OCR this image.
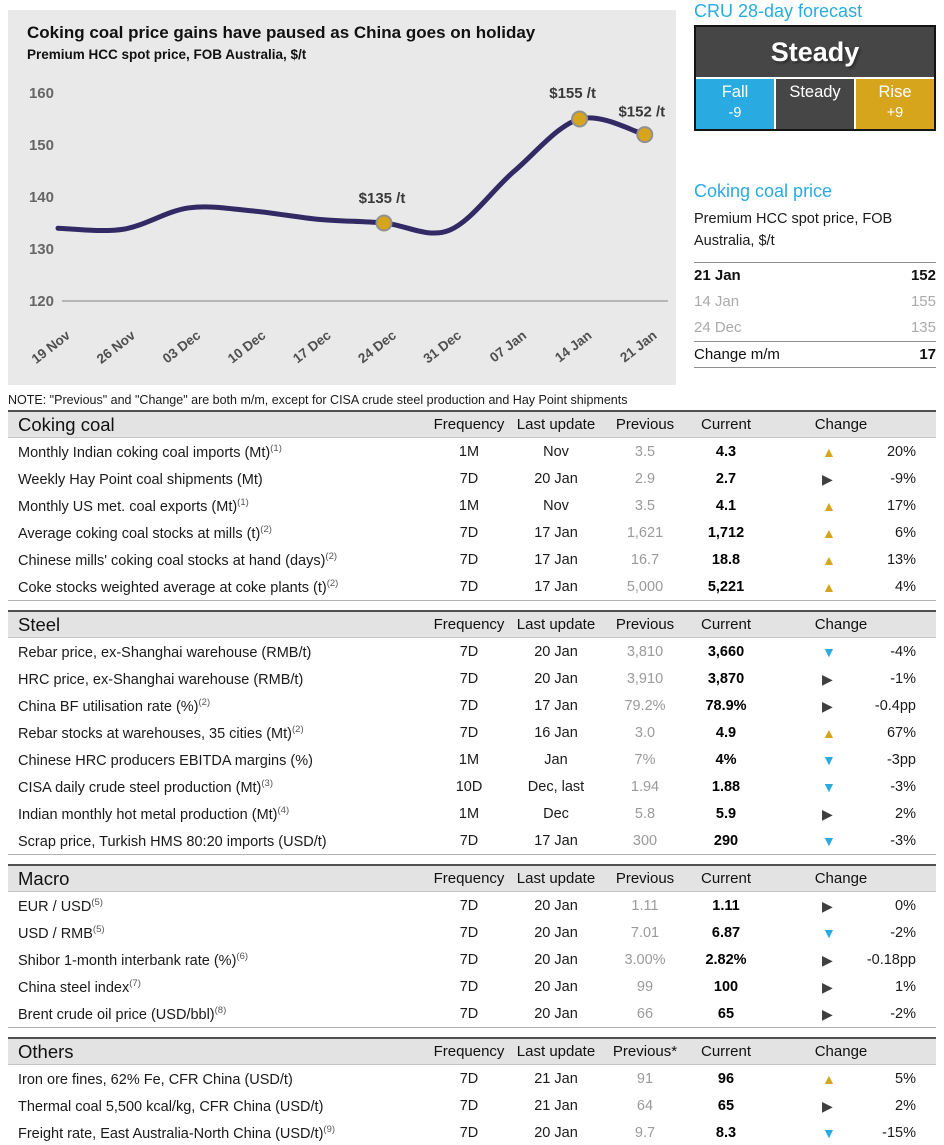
120
130
140
150
160
19 Nov 26 Nov 03 Dec 10 Dec 17 Dec 24 Dec 31 Dec 07 Jan 14 Jan 21 Jan
$135 /t
$155 /t
$152 /t
Coking coal price gains have paused as China goes on holiday
Premium HCC spot price, FOB Australia, $/t
CRU 28-day forecast
Steady
Fall
-9
Steady Rise
+9
Coking coal price
Premium HCC spot price, FOB Australia, $/t
21 Jan	152
14 Jan	155
24 Dec	135
Change m/m	17
NOTE: "Previous" and "Change" are both m/m, except for CISA crude steel production and Hay Point shipments
Coking coal	Frequency Last update	Previous	Current	Change
Monthly Indian coking coal imports $(Mt)^{(1)}$	1M	Nov	3.5	4.3	▲	20%
Weekly Hay Point coal shipments (Mt)	7D	20 Jan	2.9	2.7	▶	-9%
Monthly US met. coal exports $(Mt)^{(1)}$	1M	Nov	3.5	4.1	▲	17%
Average coking coal stocks at mills $(t)^{(2)}$	7D	17 Jan	1,621	1,712	▲	6%
Chinese mills' coking coal stocks at hand (days)$^{(2)}$	7D	17 Jan	16.7	18.8	▲	13%
Coke stocks weighted average at coke plants $(t)^{(2)}$	7D	17 Jan	5,000	5,221	▲	4%
Steel	Frequency Last update	Previous	Current	Change
Rebar price, ex-Shanghai warehouse (RMB/t)	7D	20 Jan	3,810	3,660	▼	-4%
HRC price, ex-Shanghai warehouse (RMB/t)	7D	20 Jan	3,910	3,870	▶	-1%
China BF utilisation rate (%)$^{(2)}$	7D	17 Jan	79.2%	78.9%	▶	-0.4pp
Rebar stocks at warehouses, 35 cities $(Mt)^{(2)}$	7D	16 Jan	3.0	4.9	▲	67%
Chinese HRC producers EBITDA margins (%)	1M	Jan	7%	4%	▼	-3pp
CISA daily crude steel production $(Mt)^{(3)}$	10D	Dec, last	1.94	1.88	▼	-3%
Indian monthly hot metal production $(Mt)^{(4)}$	1M	Dec	5.8	5.9	▶	2%
Scrap price, Turkish HMS 80:20 imports (USD/t)	7D	17 Jan	300	290	▼	-3%
Macro	Frequency Last update	Previous	Current	Change
EUR / USD$^{(5)}$	7D	20 Jan	1.11	1.11	▶	0%
USD / RMB$^{(5)}$	7D	20 Jan	7.01	6.87	▼	-2%
Shibor 1-month interbank rate (%)$^{(6)}$	7D	20 Jan	3.00%	2.82%	▶ -0.18pp
China steel index$^{(7)}$	7D	20 Jan	99	100	▶	1%
Brent crude oil price $(USD/bbl)^{(8)}$	7D	20 Jan	66	65	▶	-2%
Others	Frequency Last update	Previous*	Current	Change
Iron ore fines, 62% Fe, CFR China (USD/t)	7D	21 Jan	91	96	▲	5%
Thermal coal 5,500 kcal/kg, CFR China (USD/t)	7D	21 Jan	64	65	▶	2%
Freight rate, East Australia-North China $(USD/t)^{(9)}$	7D	20 Jan	9.7	8.3	▼	-15%
